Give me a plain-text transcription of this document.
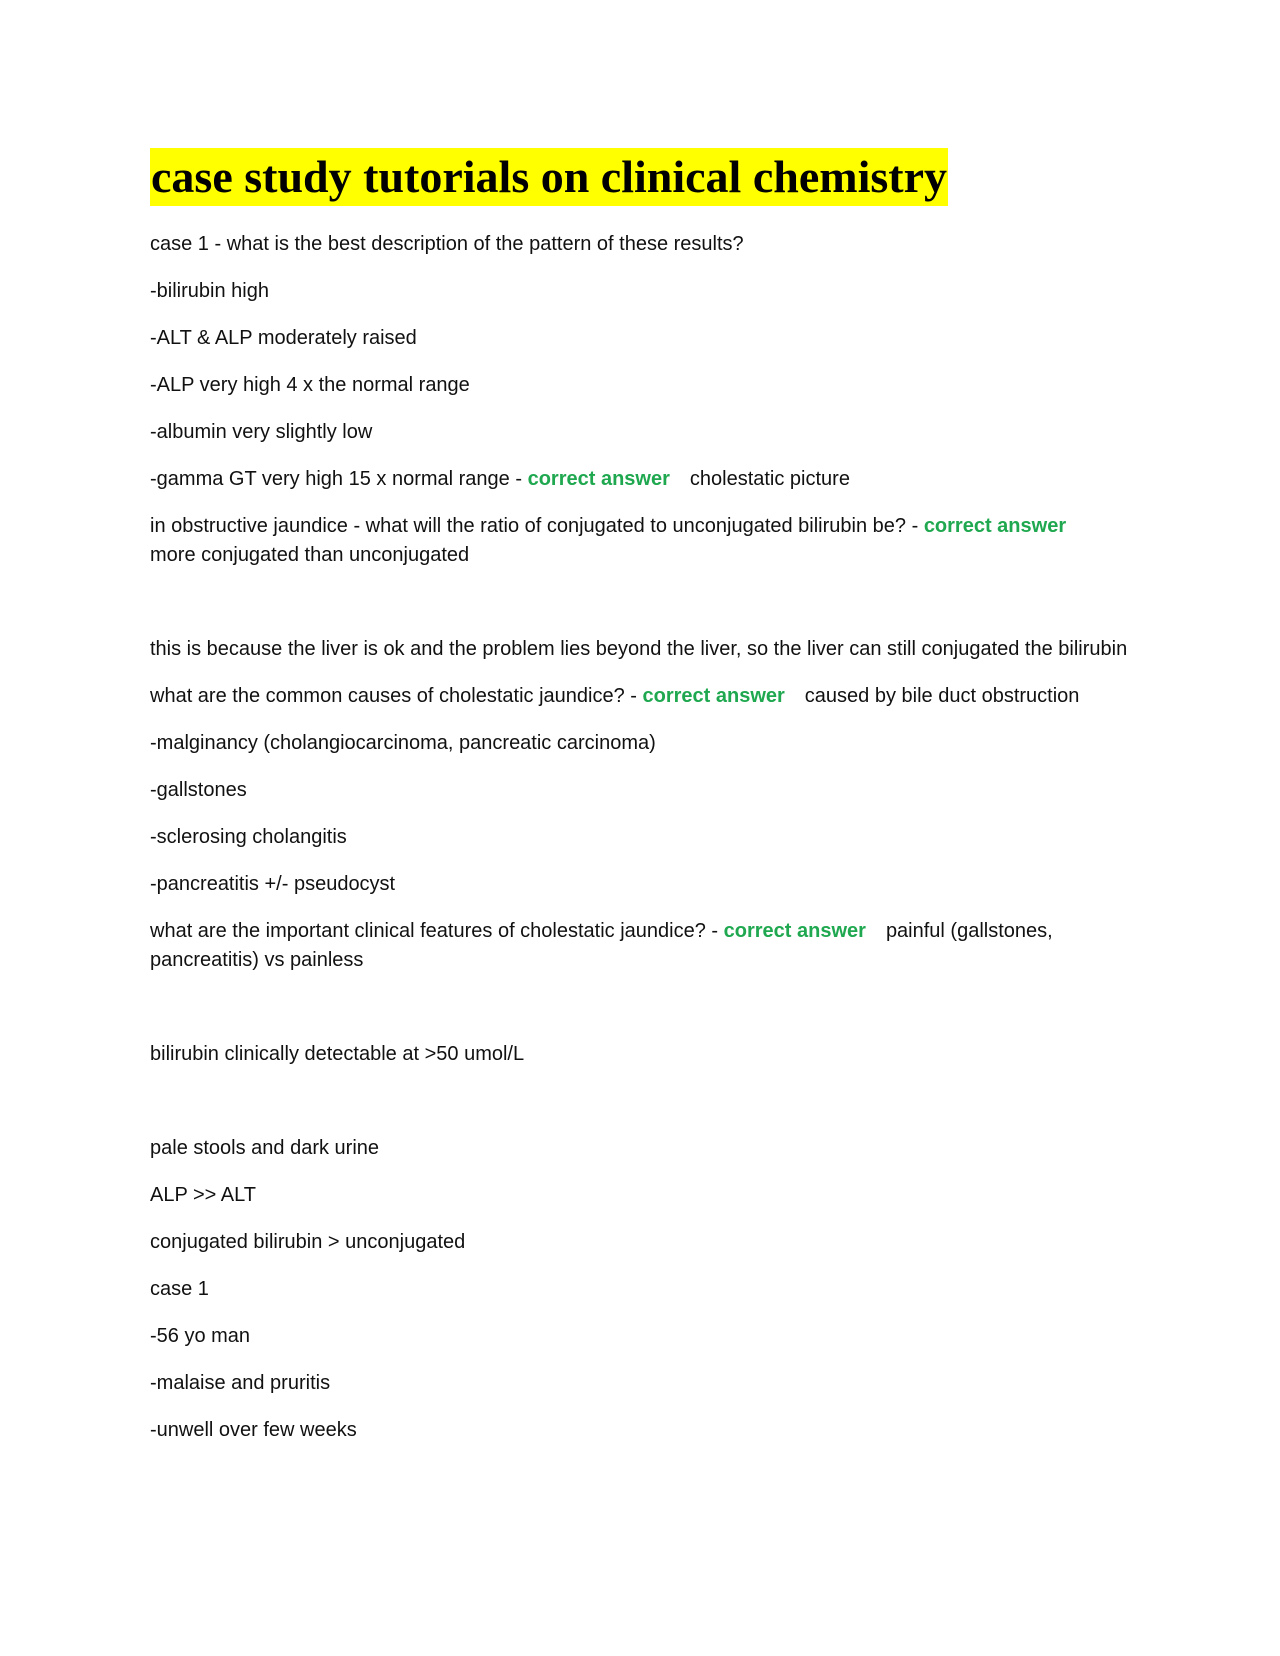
case study tutorials on clinical chemistry

case 1 - what is the best description of the pattern of these results?

-bilirubin high

-ALT & ALP moderately raised

-ALP very high 4 x the normal range

-albumin very slightly low

-gamma GT very high 15 x normal range - correct answer cholestatic picture

in obstructive jaundice - what will the ratio of conjugated to unconjugated bilirubin be? - correct answer
more conjugated than unconjugated

this is because the liver is ok and the problem lies beyond the liver, so the liver can still conjugated the bilirubin

what are the common causes of cholestatic jaundice? - correct answer caused by bile duct obstruction

-malginancy (cholangiocarcinoma, pancreatic carcinoma)

-gallstones

-sclerosing cholangitis

-pancreatitis +/- pseudocyst

what are the important clinical features of cholestatic jaundice? - correct answer painful (gallstones, pancreatitis) vs painless

bilirubin clinically detectable at >50 umol/L

pale stools and dark urine

ALP >> ALT

conjugated bilirubin > unconjugated

case 1

-56 yo man

-malaise and pruritis

-unwell over few weeks
